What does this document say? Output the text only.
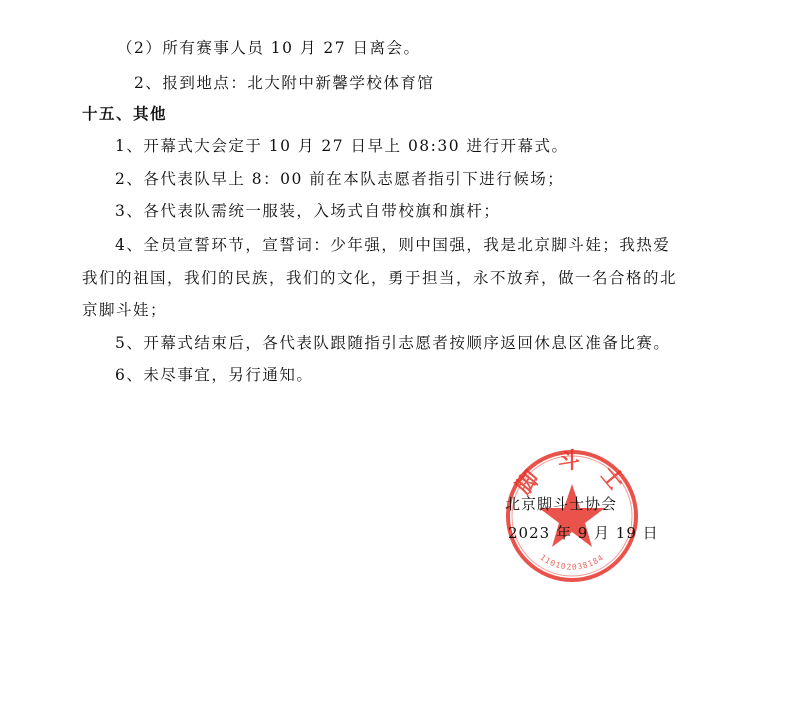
（2）所有赛事人员 10 月 27 日离会。
2、报到地点：北大附中新馨学校体育馆
十五、其他
1、开幕式大会定于 10 月 27 日早上 08:30 进行开幕式。
2、各代表队早上 8：00 前在本队志愿者指引下进行候场；
3、各代表队需统一服装，入场式自带校旗和旗杆；
4、全员宣誓环节，宣誓词：少年强，则中国强，我是北京脚斗娃；我热爱
我们的祖国，我们的民族，我们的文化，勇于担当，永不放弃，做一名合格的北
京脚斗娃；
5、开幕式结束后，各代表队跟随指引志愿者按顺序返回休息区准备比赛。
6、未尽事宜，另行通知。
脚 斗 士
110102038184
北京脚斗士协会
2023 年 9 月 19 日
